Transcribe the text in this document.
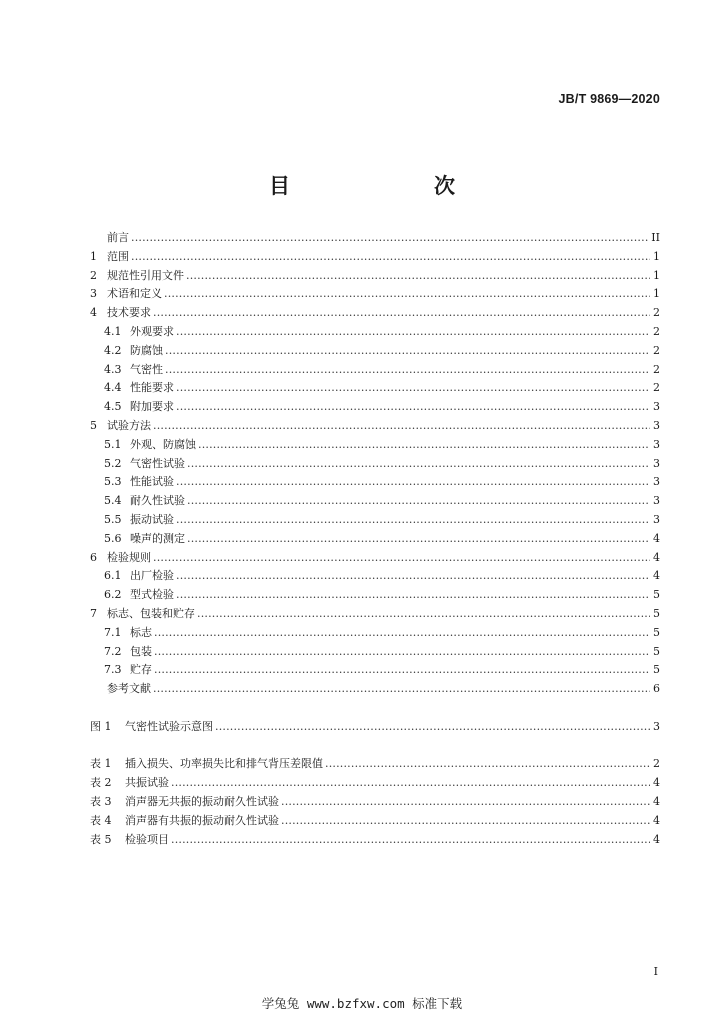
JB/T 9869—2020
目　　次
前言 .....	II
1 范围 .....	1
2 规范性引用文件 .....	1
3 术语和定义 .....	1
4 技术要求 .....	2
4.1 外观要求 .....	2
4.2 防腐蚀 .....	2
4.3 气密性 .....	2
4.4 性能要求 .....	2
4.5 附加要求 .....	3
5 试验方法 .....	3
5.1 外观、防腐蚀 .....	3
5.2 气密性试验 .....	3
5.3 性能试验 .....	3
5.4 耐久性试验 .....	3
5.5 振动试验 .....	3
5.6 噪声的测定 .....	4
6 检验规则 .....	4
6.1 出厂检验 .....	4
6.2 型式检验 .....	5
7 标志、包装和贮存 .....	5
7.1 标志 .....	5
7.2 包装 .....	5
7.3 贮存 .....	5
参考文献 .....	6
图 1	气密性试验示意图 .....	3
表 1	插入损失、功率损失比和排气背压差限值 .....	2
表 2	共振试验 .....	4
表 3	消声器无共振的振动耐久性试验 .....	4
表 4	消声器有共振的振动耐久性试验 .....	4
表 5	检验项目 .....	4
I
学兔兔 www.bzfxw.com 标准下载
